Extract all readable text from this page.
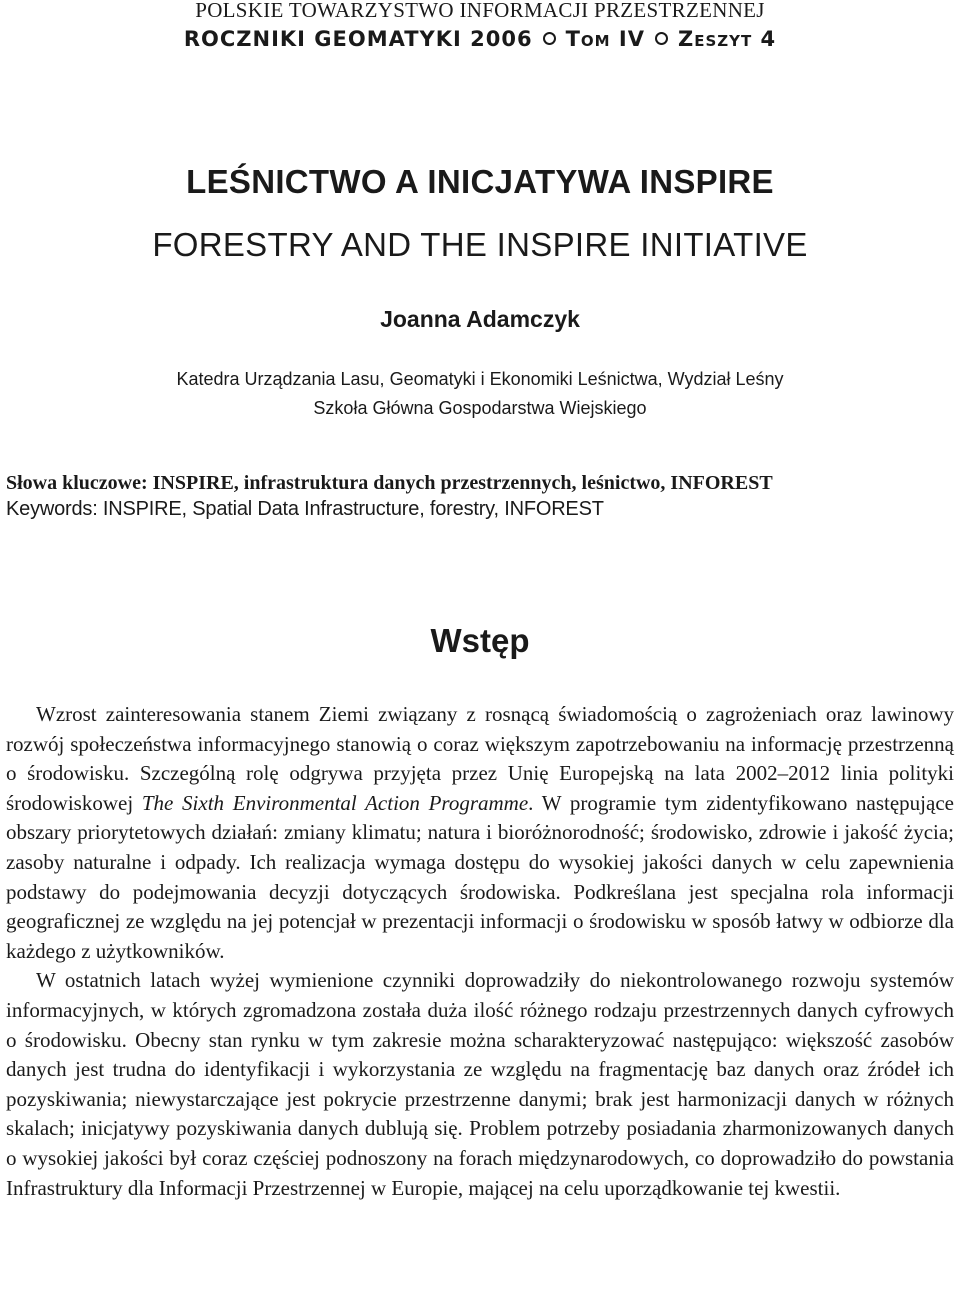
POLSKIE TOWARZYSTWO INFORMACJI PRZESTRZENNEJ
ROCZNIKI GEOMATYKI 2006 Tom IV Zeszyt 4
LEŚNICTWO A INICJATYWA INSPIRE
FORESTRY AND THE INSPIRE INITIATIVE
Joanna Adamczyk
Katedra Urządzania Lasu, Geomatyki i Ekonomiki Leśnictwa, Wydział Leśny
Szkoła Główna Gospodarstwa Wiejskiego
Słowa kluczowe: INSPIRE, infrastruktura danych przestrzennych, leśnictwo, INFOREST
Keywords: INSPIRE, Spatial Data Infrastructure, forestry, INFOREST
Wstęp

Wzrost zainteresowania stanem Ziemi związany z rosnącą świadomością o zagrożeniach oraz lawinowy rozwój społeczeństwa informacyjnego stanowią o coraz większym zapotrzebowaniu na informację przestrzenną o środowisku. Szczególną rolę odgrywa przyjęta przez Unię Europejską na lata 2002–2012 linia polityki środowiskowej The Sixth Environmental Action Programme. W programie tym zidentyfikowano następujące obszary priorytetowych działań: zmiany klimatu; natura i bioróżnorodność; środowisko, zdrowie i jakość życia; zasoby naturalne i odpady. Ich realizacja wymaga dostępu do wysokiej jakości danych w celu zapewnienia podstawy do podejmowania decyzji dotyczących środowiska. Podkreślana jest specjalna rola informacji geograficznej ze względu na jej potencjał w prezentacji informacji o środowisku w sposób łatwy w odbiorze dla każdego z użytkowników.

W ostatnich latach wyżej wymienione czynniki doprowadziły do niekontrolowanego rozwoju systemów informacyjnych, w których zgromadzona została duża ilość różnego rodzaju przestrzennych danych cyfrowych o środowisku. Obecny stan rynku w tym zakresie można scharakteryzować następująco: większość zasobów danych jest trudna do identyfikacji i wykorzystania ze względu na fragmentację baz danych oraz źródeł ich pozyskiwania; niewystarczające jest pokrycie przestrzenne danymi; brak jest harmonizacji danych w różnych skalach; inicjatywy pozyskiwania danych dublują się. Problem potrzeby posiadania zharmonizowanych danych o wysokiej jakości był coraz częściej podnoszony na forach międzynarodowych, co doprowadziło do powstania Infrastruktury dla Informacji Przestrzennej w Europie, mającej na celu uporządkowanie tej kwestii.
